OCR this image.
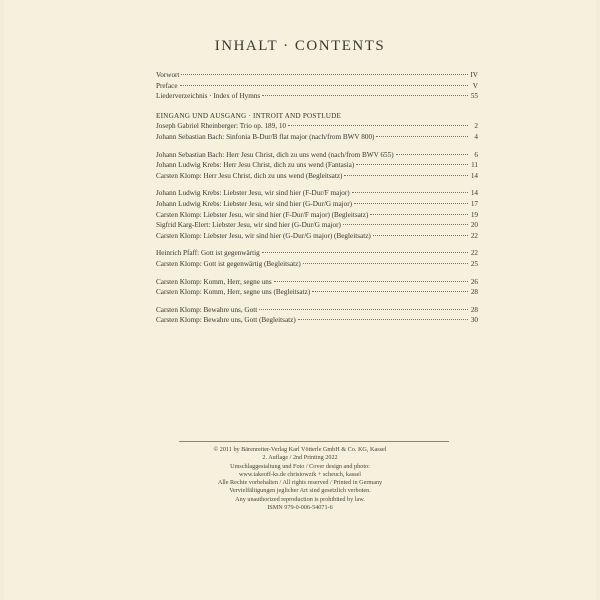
INHALT · CONTENTS
Vorwort	IV
Preface	V
Liederverzeichnis · Index of Hymns	55
EINGANG UND AUSGANG · INTROIT AND POSTLUDE
Joseph Gabriel Rheinberger: Trio op. 189, 10	2
Johann Sebastian Bach: Sinfonia B-Dur/B flat major (nach/from BWV 800)	4
Johann Sebastian Bach: Herr Jesu Christ, dich zu uns wend (nach/from BWV 655)	6
Johann Ludwig Krebs: Herr Jesu Christ, dich zu uns wend (Fantasia)	11
Carsten Klomp: Herr Jesu Christ, dich zu uns wend (Begleitsatz)	14
Johann Ludwig Krebs: Liebster Jesu, wir sind hier (F-Dur/F major)	14
Johann Ludwig Krebs: Liebster Jesu, wir sind hier (G-Dur/G major)	17
Carsten Klomp: Liebster Jesu, wir sind hier (F-Dur/F major) (Begleitsatz)	19
Sigfrid Karg-Elert: Liebster Jesu, wir sind hier (G-Dur/G major)	20
Carsten Klomp: Liebster Jesu, wir sind hier (G-Dur/G major) (Begleitsatz)	22
Heinrich Pfaff: Gott ist gegenwärtig	22
Carsten Klomp: Gott ist gegenwärtig (Begleitsatz)	25
Carsten Klomp: Komm, Herr, segne uns	26
Carsten Klomp: Komm, Herr, segne uns (Begleitsatz)	28
Carsten Klomp: Bewahre uns, Gott	28
Carsten Klomp: Bewahre uns, Gott (Begleitsatz)	30
© 2011 by Bärenreiter-Verlag Karl Vötterle GmbH & Co. KG, Kassel
2. Auflage / 2nd Printing 2022
Umschlaggestaltung und Foto / Cover design and photo:
www.takeoff-ks.de christowzik + scheuch, kassel
Alle Rechte vorbehalten / All rights reserved / Printed in Germany
Vervielfältigungen jeglicher Art sind gesetzlich verboten.
Any unauthorized reproduction is prohibited by law.
ISMN 979-0-006-54071-6
